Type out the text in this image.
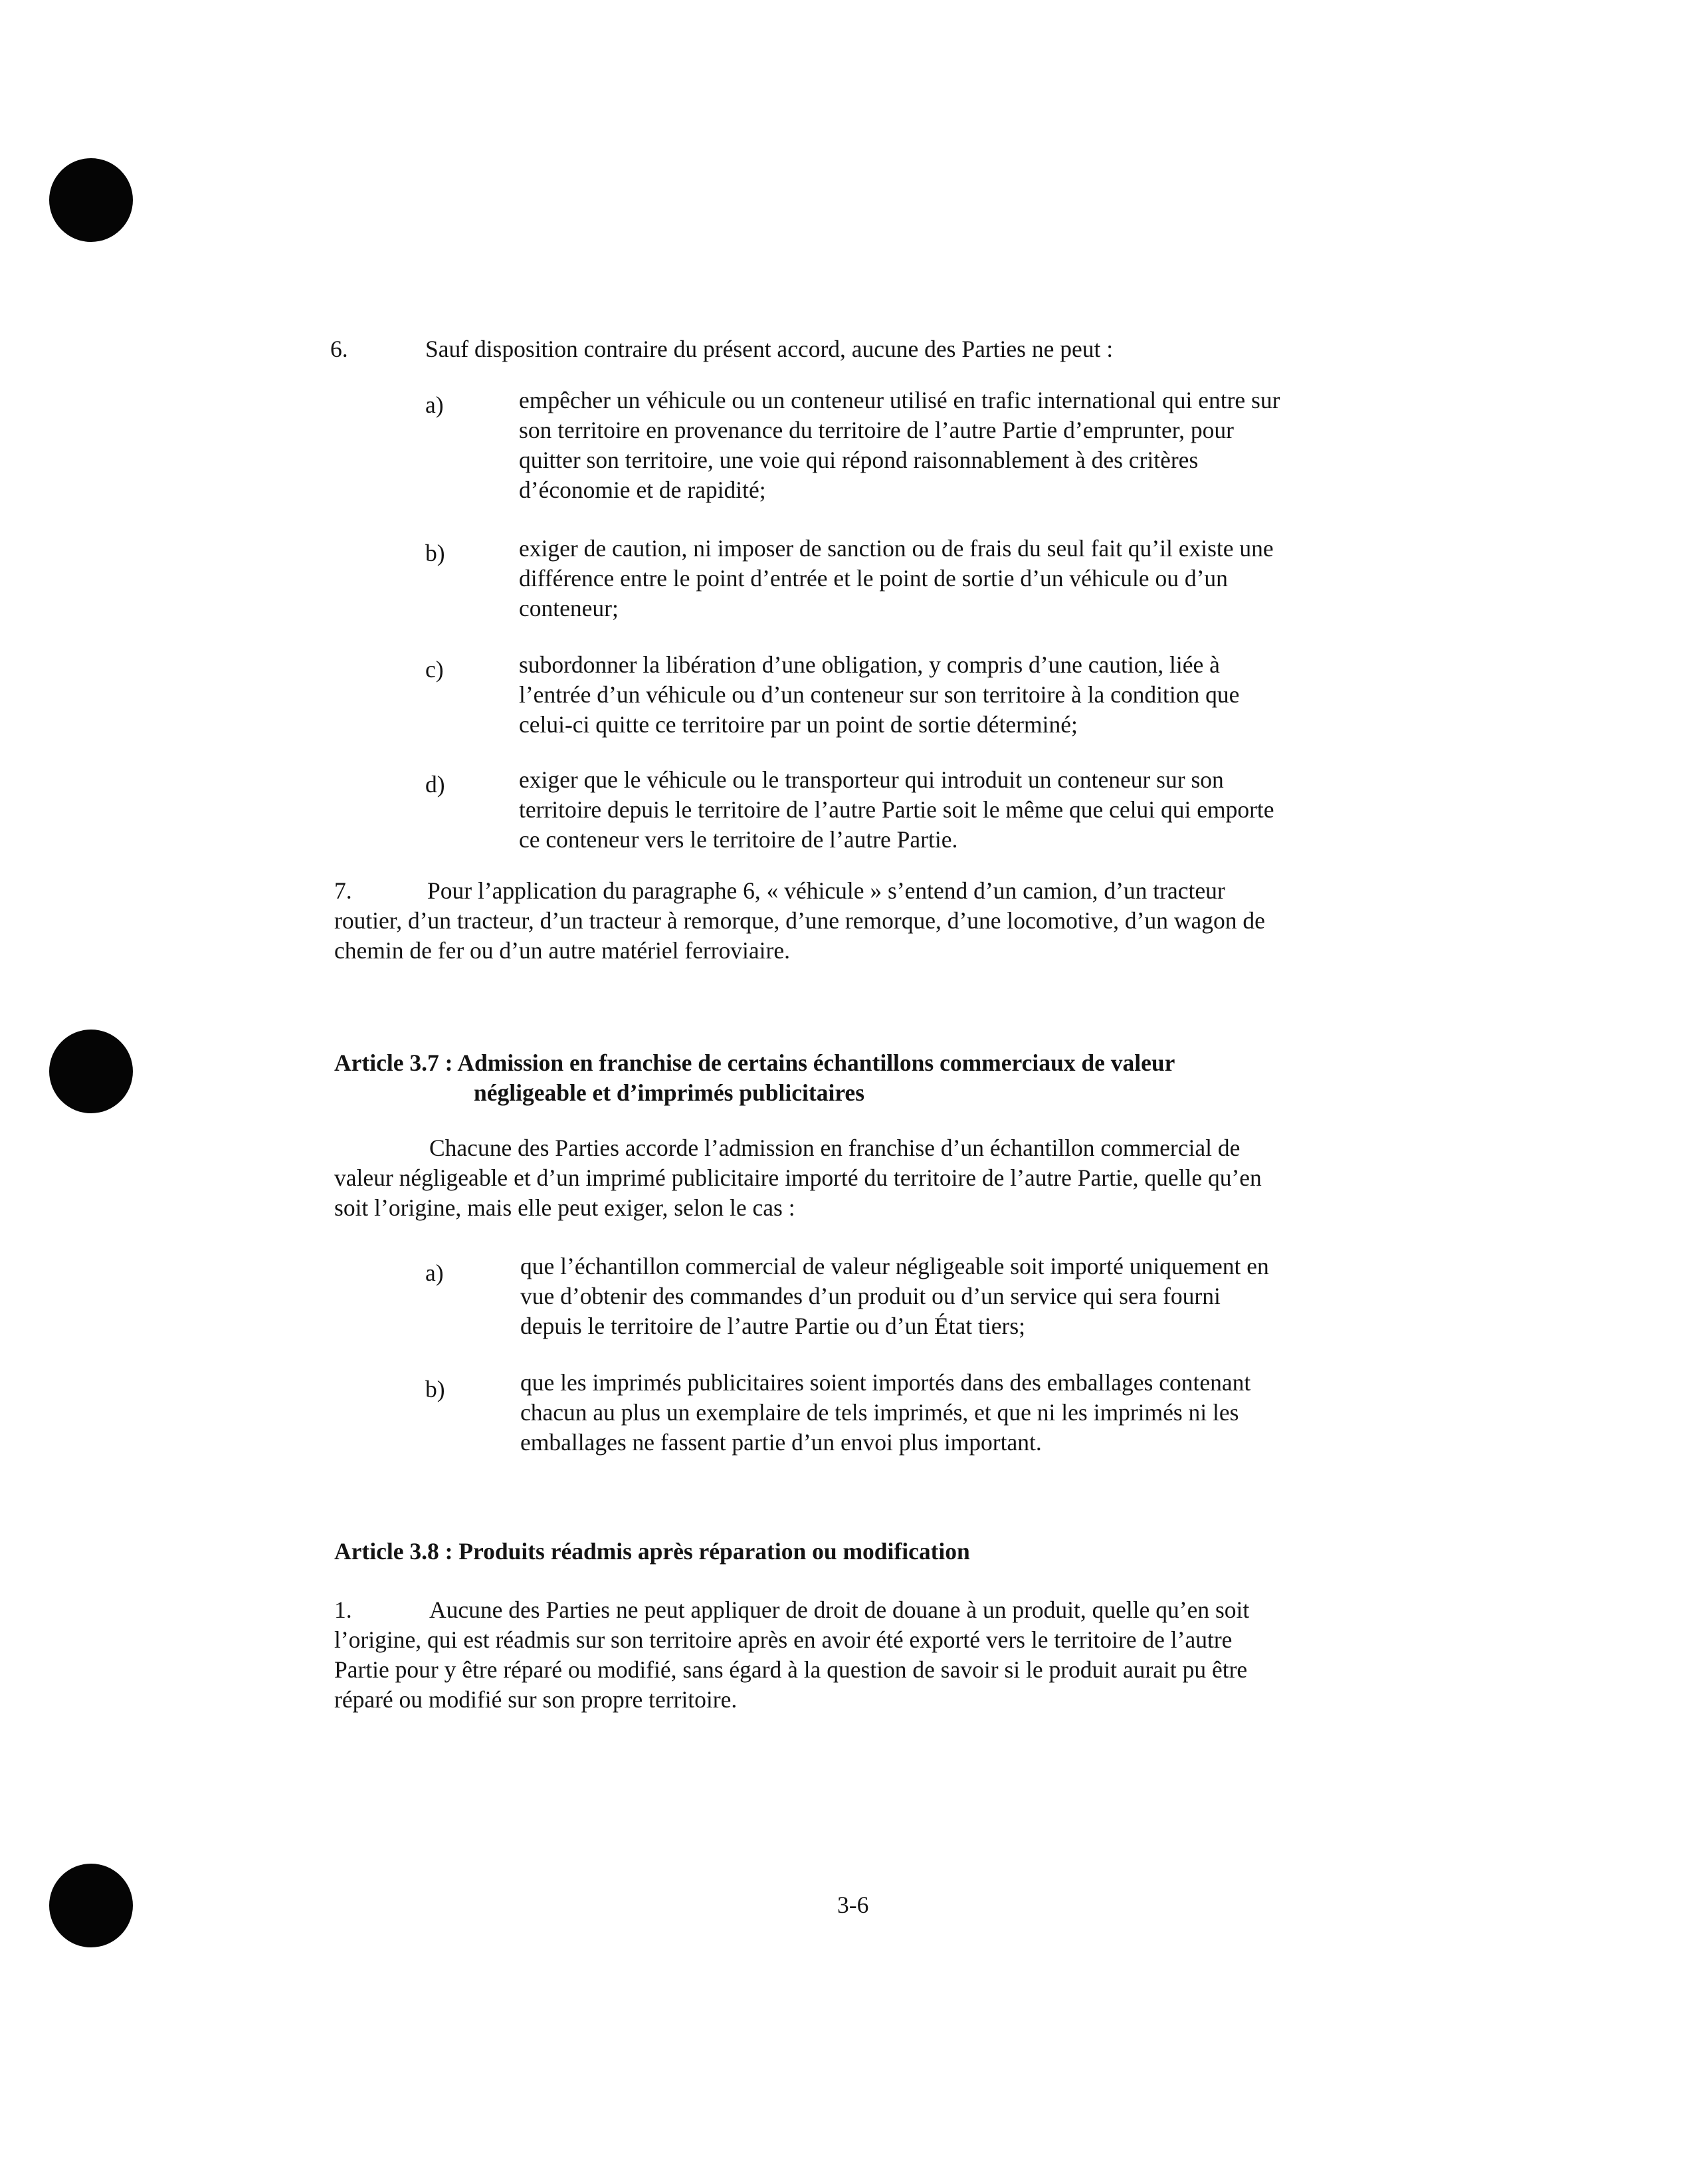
6.	Sauf disposition contraire du présent accord, aucune des Parties ne peut :
a)	empêcher un véhicule ou un conteneur utilisé en trafic international qui entre sur
son territoire en provenance du territoire de l’autre Partie d’emprunter, pour
quitter son territoire, une voie qui répond raisonnablement à des critères
d’économie et de rapidité;
b)	exiger de caution, ni imposer de sanction ou de frais du seul fait qu’il existe une
différence entre le point d’entrée et le point de sortie d’un véhicule ou d’un
conteneur;
c)	subordonner la libération d’une obligation, y compris d’une caution, liée à
l’entrée d’un véhicule ou d’un conteneur sur son territoire à la condition que
celui-ci quitte ce territoire par un point de sortie déterminé;
d)	exiger que le véhicule ou le transporteur qui introduit un conteneur sur son
territoire depuis le territoire de l’autre Partie soit le même que celui qui emporte
ce conteneur vers le territoire de l’autre Partie.
7.	Pour l’application du paragraphe 6, « véhicule » s’entend d’un camion, d’un tracteur
routier, d’un tracteur, d’un tracteur à remorque, d’une remorque, d’une locomotive, d’un wagon de
chemin de fer ou d’un autre matériel ferroviaire.
Article 3.7 : Admission en franchise de certains échantillons commerciaux de valeur
négligeable et d’imprimés publicitaires
Chacune des Parties accorde l’admission en franchise d’un échantillon commercial de
valeur négligeable et d’un imprimé publicitaire importé du territoire de l’autre Partie, quelle qu’en
soit l’origine, mais elle peut exiger, selon le cas :
a)	que l’échantillon commercial de valeur négligeable soit importé uniquement en
vue d’obtenir des commandes d’un produit ou d’un service qui sera fourni
depuis le territoire de l’autre Partie ou d’un État tiers;
b)	que les imprimés publicitaires soient importés dans des emballages contenant
chacun au plus un exemplaire de tels imprimés, et que ni les imprimés ni les
emballages ne fassent partie d’un envoi plus important.
Article 3.8 : Produits réadmis après réparation ou modification
1.	Aucune des Parties ne peut appliquer de droit de douane à un produit, quelle qu’en soit
l’origine, qui est réadmis sur son territoire après en avoir été exporté vers le territoire de l’autre
Partie pour y être réparé ou modifié, sans égard à la question de savoir si le produit aurait pu être
réparé ou modifié sur son propre territoire.
3-6
